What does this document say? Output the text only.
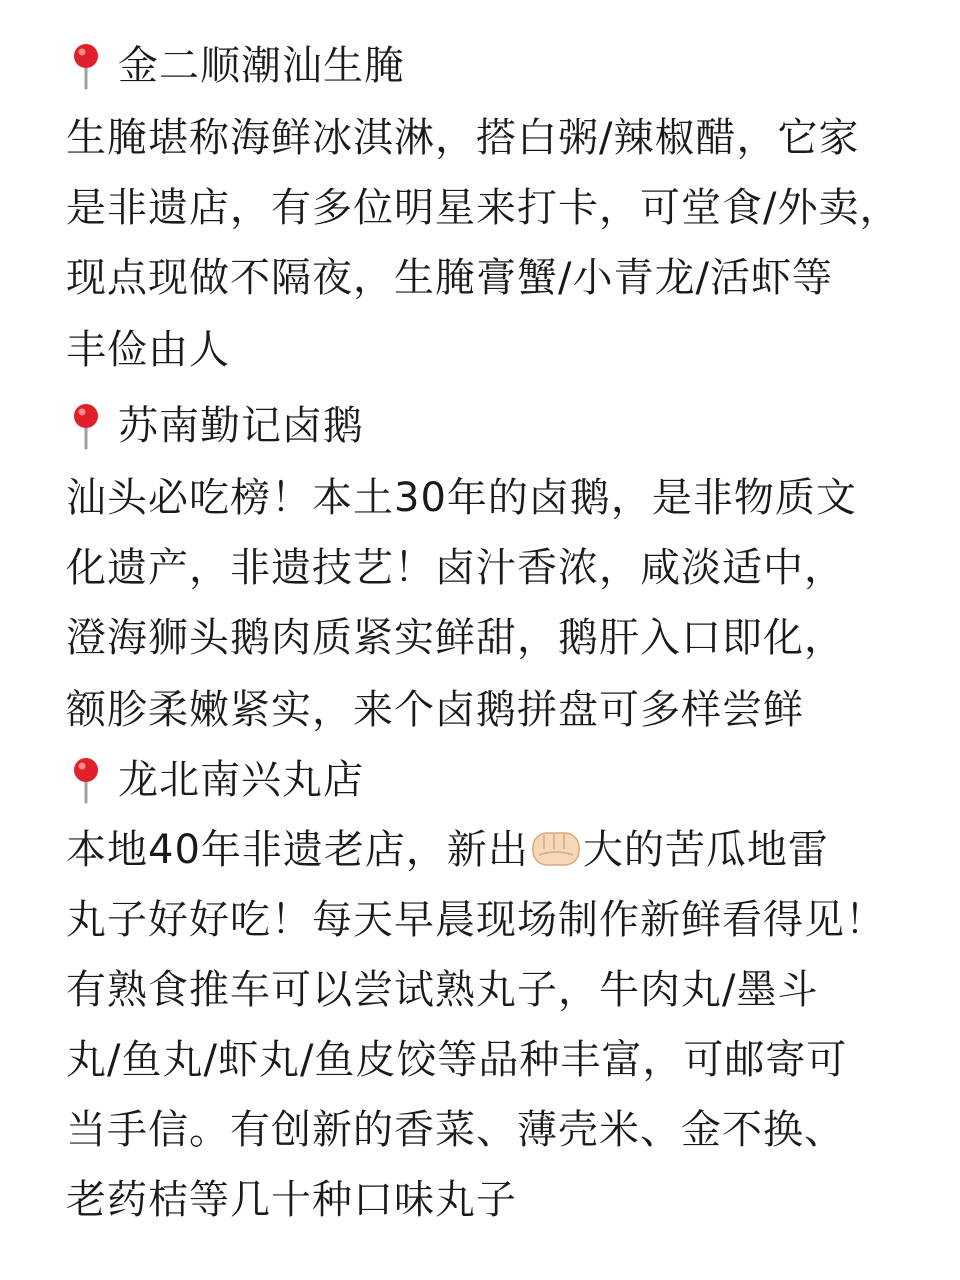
金二顺潮汕生腌
生腌堪称海鲜冰淇淋，搭白粥/辣椒醋，它家
是非遗店，有多位明星来打卡，可堂食/外卖，
现点现做不隔夜，生腌膏蟹/小青龙/活虾等
丰俭由人
苏南勤记卤鹅
汕头必吃榜！本土30年的卤鹅，是非物质文
化遗产，非遗技艺！卤汁香浓，咸淡适中，
澄海狮头鹅肉质紧实鲜甜，鹅肝入口即化，
额胗柔嫩紧实，来个卤鹅拼盘可多样尝鲜
龙北南兴丸店
本地40年非遗老店，新出 大的苦瓜地雷
丸子好好吃！每天早晨现场制作新鲜看得见！
有熟食推车可以尝试熟丸子，牛肉丸/墨斗
丸/鱼丸/虾丸/鱼皮饺等品种丰富，可邮寄可
当手信。有创新的香菜、薄壳米、金不换、
老药桔等几十种口味丸子
